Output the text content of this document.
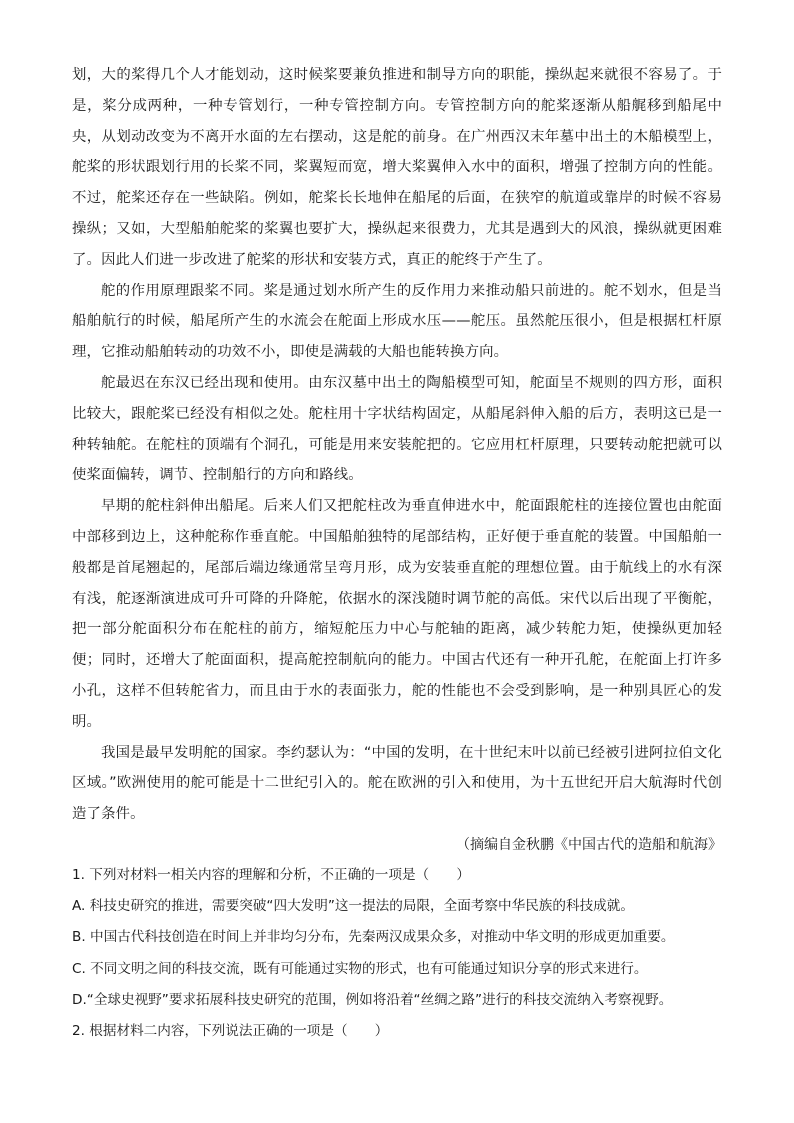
划，大的桨得几个人才能划动，这时候桨要兼负推进和制导方向的职能，操纵起来就很不容易了。于是，桨分成两种，一种专管划行，一种专管控制方向。专管控制方向的舵桨逐渐从船艉移到船尾中央，从划动改变为不离开水面的左右摆动，这是舵的前身。在广州西汉末年墓中出土的木船模型上，舵桨的形状跟划行用的长桨不同，桨翼短而宽，增大桨翼伸入水中的面积，增强了控制方向的性能。不过，舵桨还存在一些缺陷。例如，舵桨长长地伸在船尾的后面，在狭窄的航道或靠岸的时候不容易操纵；又如，大型船舶舵桨的桨翼也要扩大，操纵起来很费力，尤其是遇到大的风浪，操纵就更困难了。因此人们进一步改进了舵桨的形状和安装方式，真正的舵终于产生了。

舵的作用原理跟桨不同。桨是通过划水所产生的反作用力来推动船只前进的。舵不划水，但是当船舶航行的时候，船尾所产生的水流会在舵面上形成水压——舵压。虽然舵压很小，但是根据杠杆原理，它推动船舶转动的功效不小，即使是满载的大船也能转换方向。

舵最迟在东汉已经出现和使用。由东汉墓中出土的陶船模型可知，舵面呈不规则的四方形，面积比较大，跟舵桨已经没有相似之处。舵柱用十字状结构固定，从船尾斜伸入船的后方，表明这已是一种转轴舵。在舵柱的顶端有个洞孔，可能是用来安装舵把的。它应用杠杆原理，只要转动舵把就可以使桨面偏转，调节、控制船行的方向和路线。

早期的舵柱斜伸出船尾。后来人们又把舵柱改为垂直伸进水中，舵面跟舵柱的连接位置也由舵面中部移到边上，这种舵称作垂直舵。中国船舶独特的尾部结构，正好便于垂直舵的装置。中国船舶一般都是首尾翘起的，尾部后端边缘通常呈弯月形，成为安装垂直舵的理想位置。由于航线上的水有深有浅，舵逐渐演进成可升可降的升降舵，依据水的深浅随时调节舵的高低。宋代以后出现了平衡舵，把一部分舵面积分布在舵柱的前方，缩短舵压力中心与舵轴的距离，减少转舵力矩，使操纵更加轻便；同时，还增大了舵面面积，提高舵控制航向的能力。中国古代还有一种开孔舵，在舵面上打许多小孔，这样不但转舵省力，而且由于水的表面张力，舵的性能也不会受到影响，是一种别具匠心的发明。

我国是最早发明舵的国家。李约瑟认为：“中国的发明，在十世纪末叶以前已经被引进阿拉伯文化区域。”欧洲使用的舵可能是十二世纪引入的。舵在欧洲的引入和使用，为十五世纪开启大航海时代创造了条件。

（摘编自金秋鹏《中国古代的造船和航海》

1. 下列对材料一相关内容的理解和分析，不正确的一项是（　　）

A. 科技史研究的推进，需要突破“四大发明”这一提法的局限，全面考察中华民族的科技成就。

B. 中国古代科技创造在时间上并非均匀分布，先秦两汉成果众多，对推动中华文明的形成更加重要。

C. 不同文明之间的科技交流，既有可能通过实物的形式，也有可能通过知识分享的形式来进行。

D.“全球史视野”要求拓展科技史研究的范围，例如将沿着“丝绸之路”进行的科技交流纳入考察视野。

2. 根据材料二内容，下列说法正确的一项是（　　）
